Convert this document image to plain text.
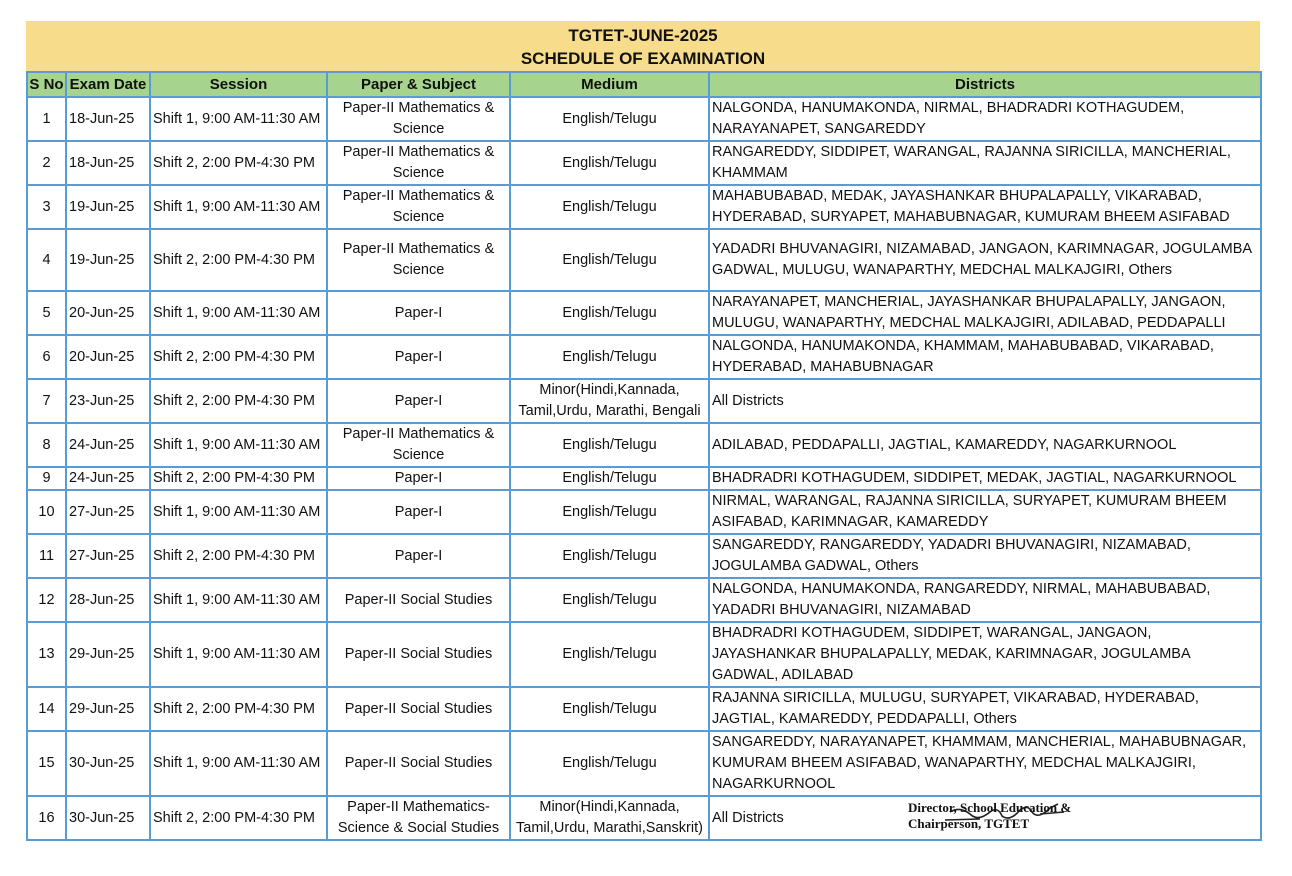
TGTET-JUNE-2025
SCHEDULE OF EXAMINATION
S No	Exam Date	Session	Paper & Subject	Medium	Districts
1	18-Jun-25	Shift 1, 9:00 AM-11:30 AM	Paper-II Mathematics & Science	English/Telugu	NALGONDA, HANUMAKONDA, NIRMAL, BHADRADRI KOTHAGUDEM, NARAYANAPET, SANGAREDDY
2	18-Jun-25	Shift 2, 2:00 PM-4:30 PM	Paper-II Mathematics & Science	English/Telugu	RANGAREDDY, SIDDIPET, WARANGAL, RAJANNA SIRICILLA, MANCHERIAL, KHAMMAM
3	19-Jun-25	Shift 1, 9:00 AM-11:30 AM	Paper-II Mathematics & Science	English/Telugu	MAHABUBABAD, MEDAK, JAYASHANKAR BHUPALAPALLY, VIKARABAD, HYDERABAD, SURYAPET, MAHABUBNAGAR, KUMURAM BHEEM ASIFABAD
4	19-Jun-25	Shift 2, 2:00 PM-4:30 PM	Paper-II Mathematics & Science	English/Telugu	YADADRI BHUVANAGIRI, NIZAMABAD, JANGAON, KARIMNAGAR, JOGULAMBA GADWAL, MULUGU, WANAPARTHY, MEDCHAL MALKAJGIRI, Others
5	20-Jun-25	Shift 1, 9:00 AM-11:30 AM	Paper-I	English/Telugu	NARAYANAPET, MANCHERIAL, JAYASHANKAR BHUPALAPALLY, JANGAON, MULUGU, WANAPARTHY, MEDCHAL MALKAJGIRI, ADILABAD, PEDDAPALLI
6	20-Jun-25	Shift 2, 2:00 PM-4:30 PM	Paper-I	English/Telugu	NALGONDA, HANUMAKONDA, KHAMMAM, MAHABUBABAD, VIKARABAD, HYDERABAD, MAHABUBNAGAR
7	23-Jun-25	Shift 2, 2:00 PM-4:30 PM	Paper-I	Minor(Hindi,Kannada, Tamil,Urdu, Marathi, Bengali	All Districts
8	24-Jun-25	Shift 1, 9:00 AM-11:30 AM	Paper-II Mathematics & Science	English/Telugu	ADILABAD, PEDDAPALLI, JAGTIAL, KAMAREDDY, NAGARKURNOOL
9	24-Jun-25	Shift 2, 2:00 PM-4:30 PM	Paper-I	English/Telugu	BHADRADRI KOTHAGUDEM, SIDDIPET, MEDAK, JAGTIAL, NAGARKURNOOL
10	27-Jun-25	Shift 1, 9:00 AM-11:30 AM	Paper-I	English/Telugu	NIRMAL, WARANGAL, RAJANNA SIRICILLA, SURYAPET, KUMURAM BHEEM ASIFABAD, KARIMNAGAR, KAMAREDDY
11	27-Jun-25	Shift 2, 2:00 PM-4:30 PM	Paper-I	English/Telugu	SANGAREDDY, RANGAREDDY, YADADRI BHUVANAGIRI, NIZAMABAD, JOGULAMBA GADWAL, Others
12	28-Jun-25	Shift 1, 9:00 AM-11:30 AM	Paper-II Social Studies	English/Telugu	NALGONDA, HANUMAKONDA, RANGAREDDY, NIRMAL, MAHABUBABAD, YADADRI BHUVANAGIRI, NIZAMABAD
13	29-Jun-25	Shift 1, 9:00 AM-11:30 AM	Paper-II Social Studies	English/Telugu	BHADRADRI KOTHAGUDEM, SIDDIPET, WARANGAL, JANGAON, JAYASHANKAR BHUPALAPALLY, MEDAK, KARIMNAGAR, JOGULAMBA GADWAL, ADILABAD
14	29-Jun-25	Shift 2, 2:00 PM-4:30 PM	Paper-II Social Studies	English/Telugu	RAJANNA SIRICILLA, MULUGU, SURYAPET, VIKARABAD, HYDERABAD, JAGTIAL, KAMAREDDY, PEDDAPALLI, Others
15	30-Jun-25	Shift 1, 9:00 AM-11:30 AM	Paper-II Social Studies	English/Telugu	SANGAREDDY, NARAYANAPET, KHAMMAM, MANCHERIAL, MAHABUBNAGAR, KUMURAM BHEEM ASIFABAD, WANAPARTHY, MEDCHAL MALKAJGIRI, NAGARKURNOOL
16	30-Jun-25	Shift 2, 2:00 PM-4:30 PM	Paper-II Mathematics-Science & Social Studies	Minor(Hindi,Kannada, Tamil,Urdu, Marathi,Sanskrit)	All Districts
Director, School Education &
Chairperson, TGTET
